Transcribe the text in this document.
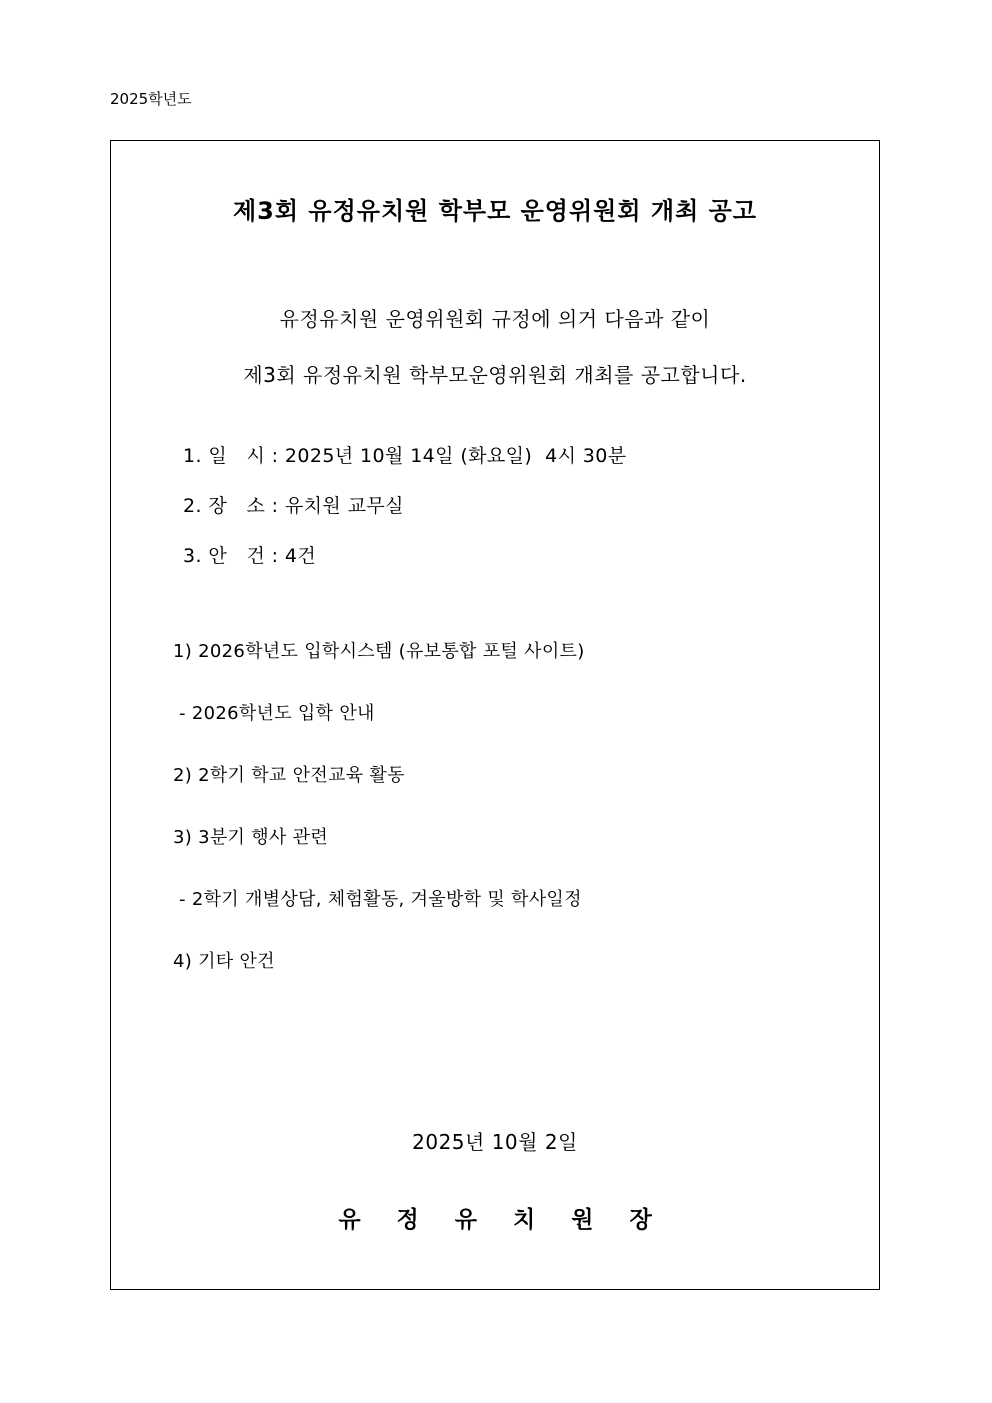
2025학년도
제3회 유정유치원 학부모 운영위원회 개최 공고
유정유치원 운영위원회 규정에 의거 다음과 같이
제3회 유정유치원 학부모운영위원회 개최를 공고합니다.
1. 일   시 : 2025년 10월 14일 (화요일)  4시 30분
2. 장   소 : 유치원 교무실
3. 안   건 : 4건
1) 2026학년도 입학시스템 (유보통합 포털 사이트)
- 2026학년도 입학 안내
2) 2학기 학교 안전교육 활동
3) 3분기 행사 관련
- 2학기 개별상담, 체험활동, 겨울방학 및 학사일정
4) 기타 안건
2025년 10월 2일
유 정 유 치 원 장
